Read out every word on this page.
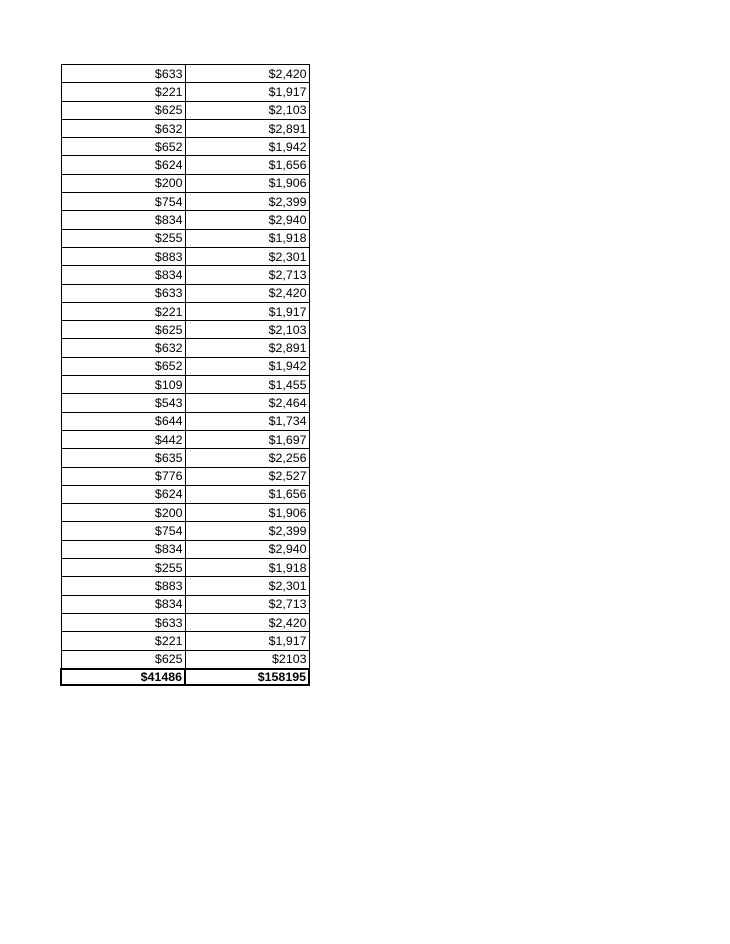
$633	$2,420
$221	$1,917
$625	$2,103
$632	$2,891
$652	$1,942
$624	$1,656
$200	$1,906
$754	$2,399
$834	$2,940
$255	$1,918
$883	$2,301
$834	$2,713
$633	$2,420
$221	$1,917
$625	$2,103
$632	$2,891
$652	$1,942
$109	$1,455
$543	$2,464
$644	$1,734
$442	$1,697
$635	$2,256
$776	$2,527
$624	$1,656
$200	$1,906
$754	$2,399
$834	$2,940
$255	$1,918
$883	$2,301
$834	$2,713
$633	$2,420
$221	$1,917
$625	$2103
$41486	$158195
